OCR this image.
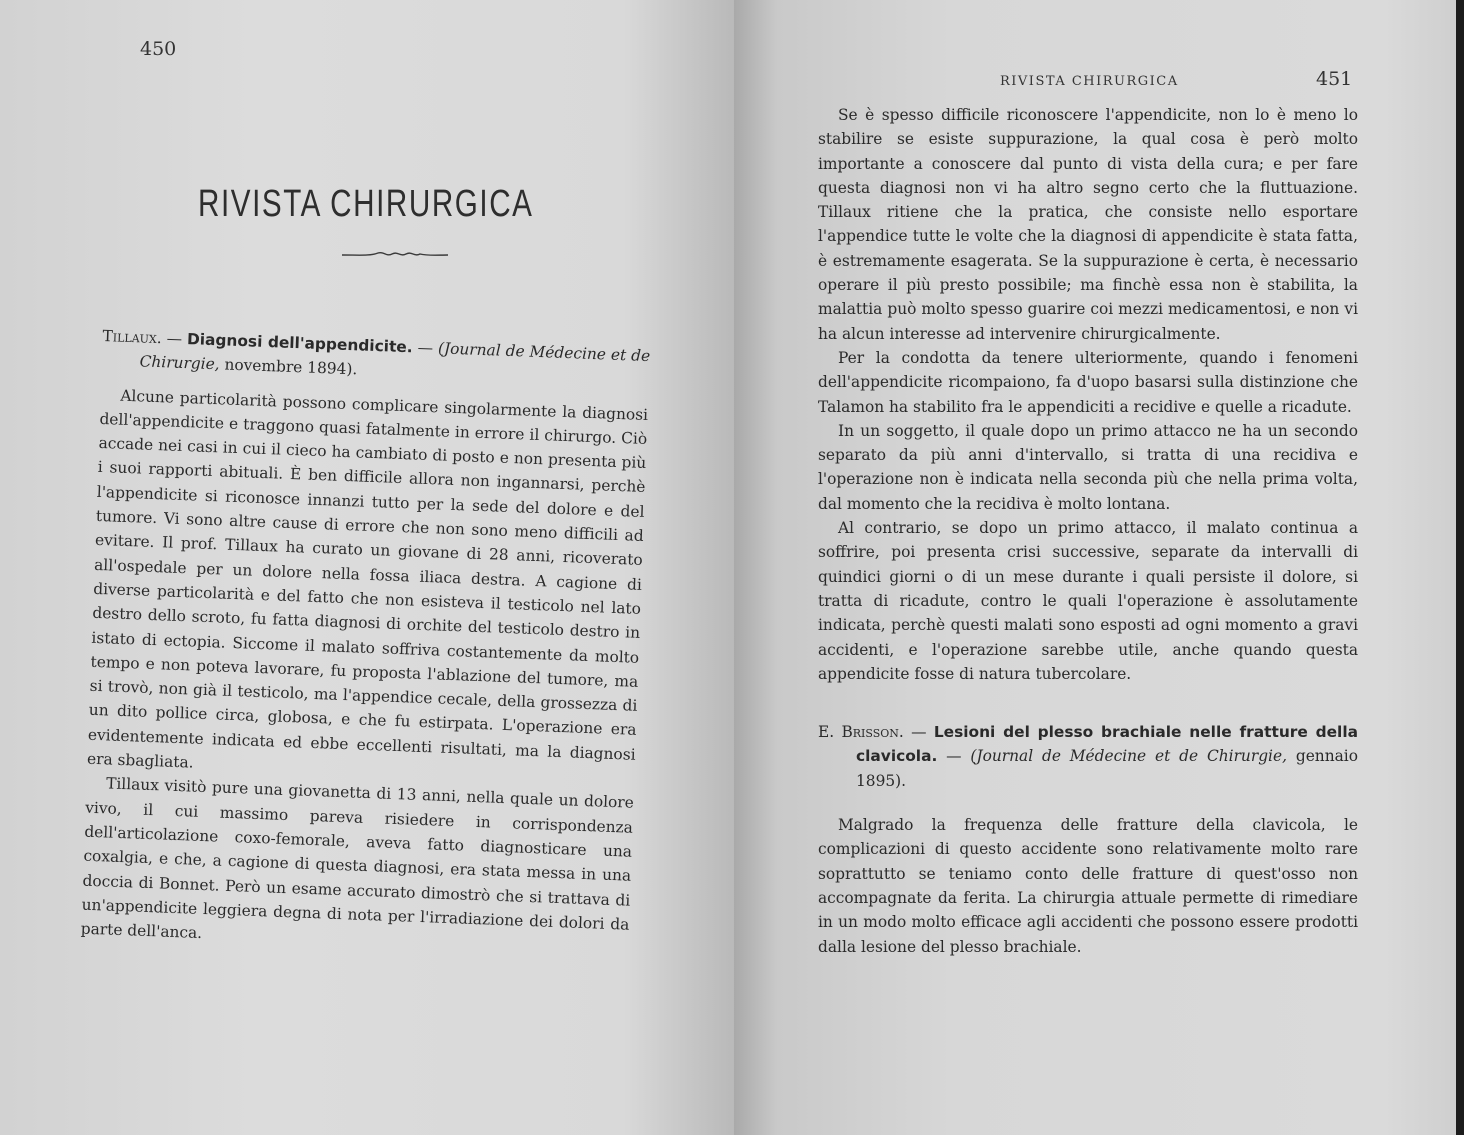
450
RIVISTA CHIRURGICA

Tillaux. — Diagnosi dell'appendicite. — (Journal de Médecine et de Chirurgie, novembre 1894).

Alcune particolarità possono complicare singolarmente la diagnosi dell'appendicite e traggono quasi fatalmente in errore il chirurgo. Ciò accade nei casi in cui il cieco ha cambiato di posto e non presenta più i suoi rapporti abituali. È ben difficile allora non ingannarsi, perchè l'appendicite si riconosce innanzi tutto per la sede del dolore e del tumore. Vi sono altre cause di errore che non sono meno difficili ad evitare. Il prof. Tillaux ha curato un giovane di 28 anni, ricoverato all'ospedale per un dolore nella fossa iliaca destra. A cagione di diverse particolarità e del fatto che non esisteva il testicolo nel lato destro dello scroto, fu fatta diagnosi di orchite del testicolo destro in istato di ectopia. Siccome il malato soffriva costantemente da molto tempo e non poteva lavorare, fu proposta l'ablazione del tumore, ma si trovò, non già il testicolo, ma l'appendice cecale, della grossezza di un dito pollice circa, globosa, e che fu estirpata. L'operazione era evidentemente indicata ed ebbe eccellenti risultati, ma la diagnosi era sbagliata.

Tillaux visitò pure una giovanetta di 13 anni, nella quale un dolore vivo, il cui massimo pareva risiedere in corrispondenza dell'articolazione coxo-femorale, aveva fatto diagnosticare una coxalgia, e che, a cagione di questa diagnosi, era stata messa in una doccia di Bonnet. Però un esame accurato dimostrò che si trattava di un'appendicite leggiera degna di nota per l'irradiazione dei dolori da parte dell'anca.

RIVISTA CHIRURGICA	451

Se è spesso difficile riconoscere l'appendicite, non lo è meno lo stabilire se esiste suppurazione, la qual cosa è però molto importante a conoscere dal punto di vista della cura; e per fare questa diagnosi non vi ha altro segno certo che la fluttuazione. Tillaux ritiene che la pratica, che consiste nello esportare l'appendice tutte le volte che la diagnosi di appendicite è stata fatta, è estremamente esagerata. Se la suppurazione è certa, è necessario operare il più presto possibile; ma finchè essa non è stabilita, la malattia può molto spesso guarire coi mezzi medicamentosi, e non vi ha alcun interesse ad intervenire chirurgicalmente.

Per la condotta da tenere ulteriormente, quando i fenomeni dell'appendicite ricompaiono, fa d'uopo basarsi sulla distinzione che Talamon ha stabilito fra le appendiciti a recidive e quelle a ricadute.

In un soggetto, il quale dopo un primo attacco ne ha un secondo separato da più anni d'intervallo, si tratta di una recidiva e l'operazione non è indicata nella seconda più che nella prima volta, dal momento che la recidiva è molto lontana.

Al contrario, se dopo un primo attacco, il malato continua a soffrire, poi presenta crisi successive, separate da intervalli di quindici giorni o di un mese durante i quali persiste il dolore, si tratta di ricadute, contro le quali l'operazione è assolutamente indicata, perchè questi malati sono esposti ad ogni momento a gravi accidenti, e l'operazione sarebbe utile, anche quando questa appendicite fosse di natura tubercolare.

E. Brisson. — Lesioni del plesso brachiale nelle fratture della clavicola. — (Journal de Médecine et de Chirurgie, gennaio 1895).

Malgrado la frequenza delle fratture della clavicola, le complicazioni di questo accidente sono relativamente molto rare soprattutto se teniamo conto delle fratture di quest'osso non accompagnate da ferita. La chirurgia attuale permette di rimediare in un modo molto efficace agli accidenti che possono essere prodotti dalla lesione del plesso brachiale.
